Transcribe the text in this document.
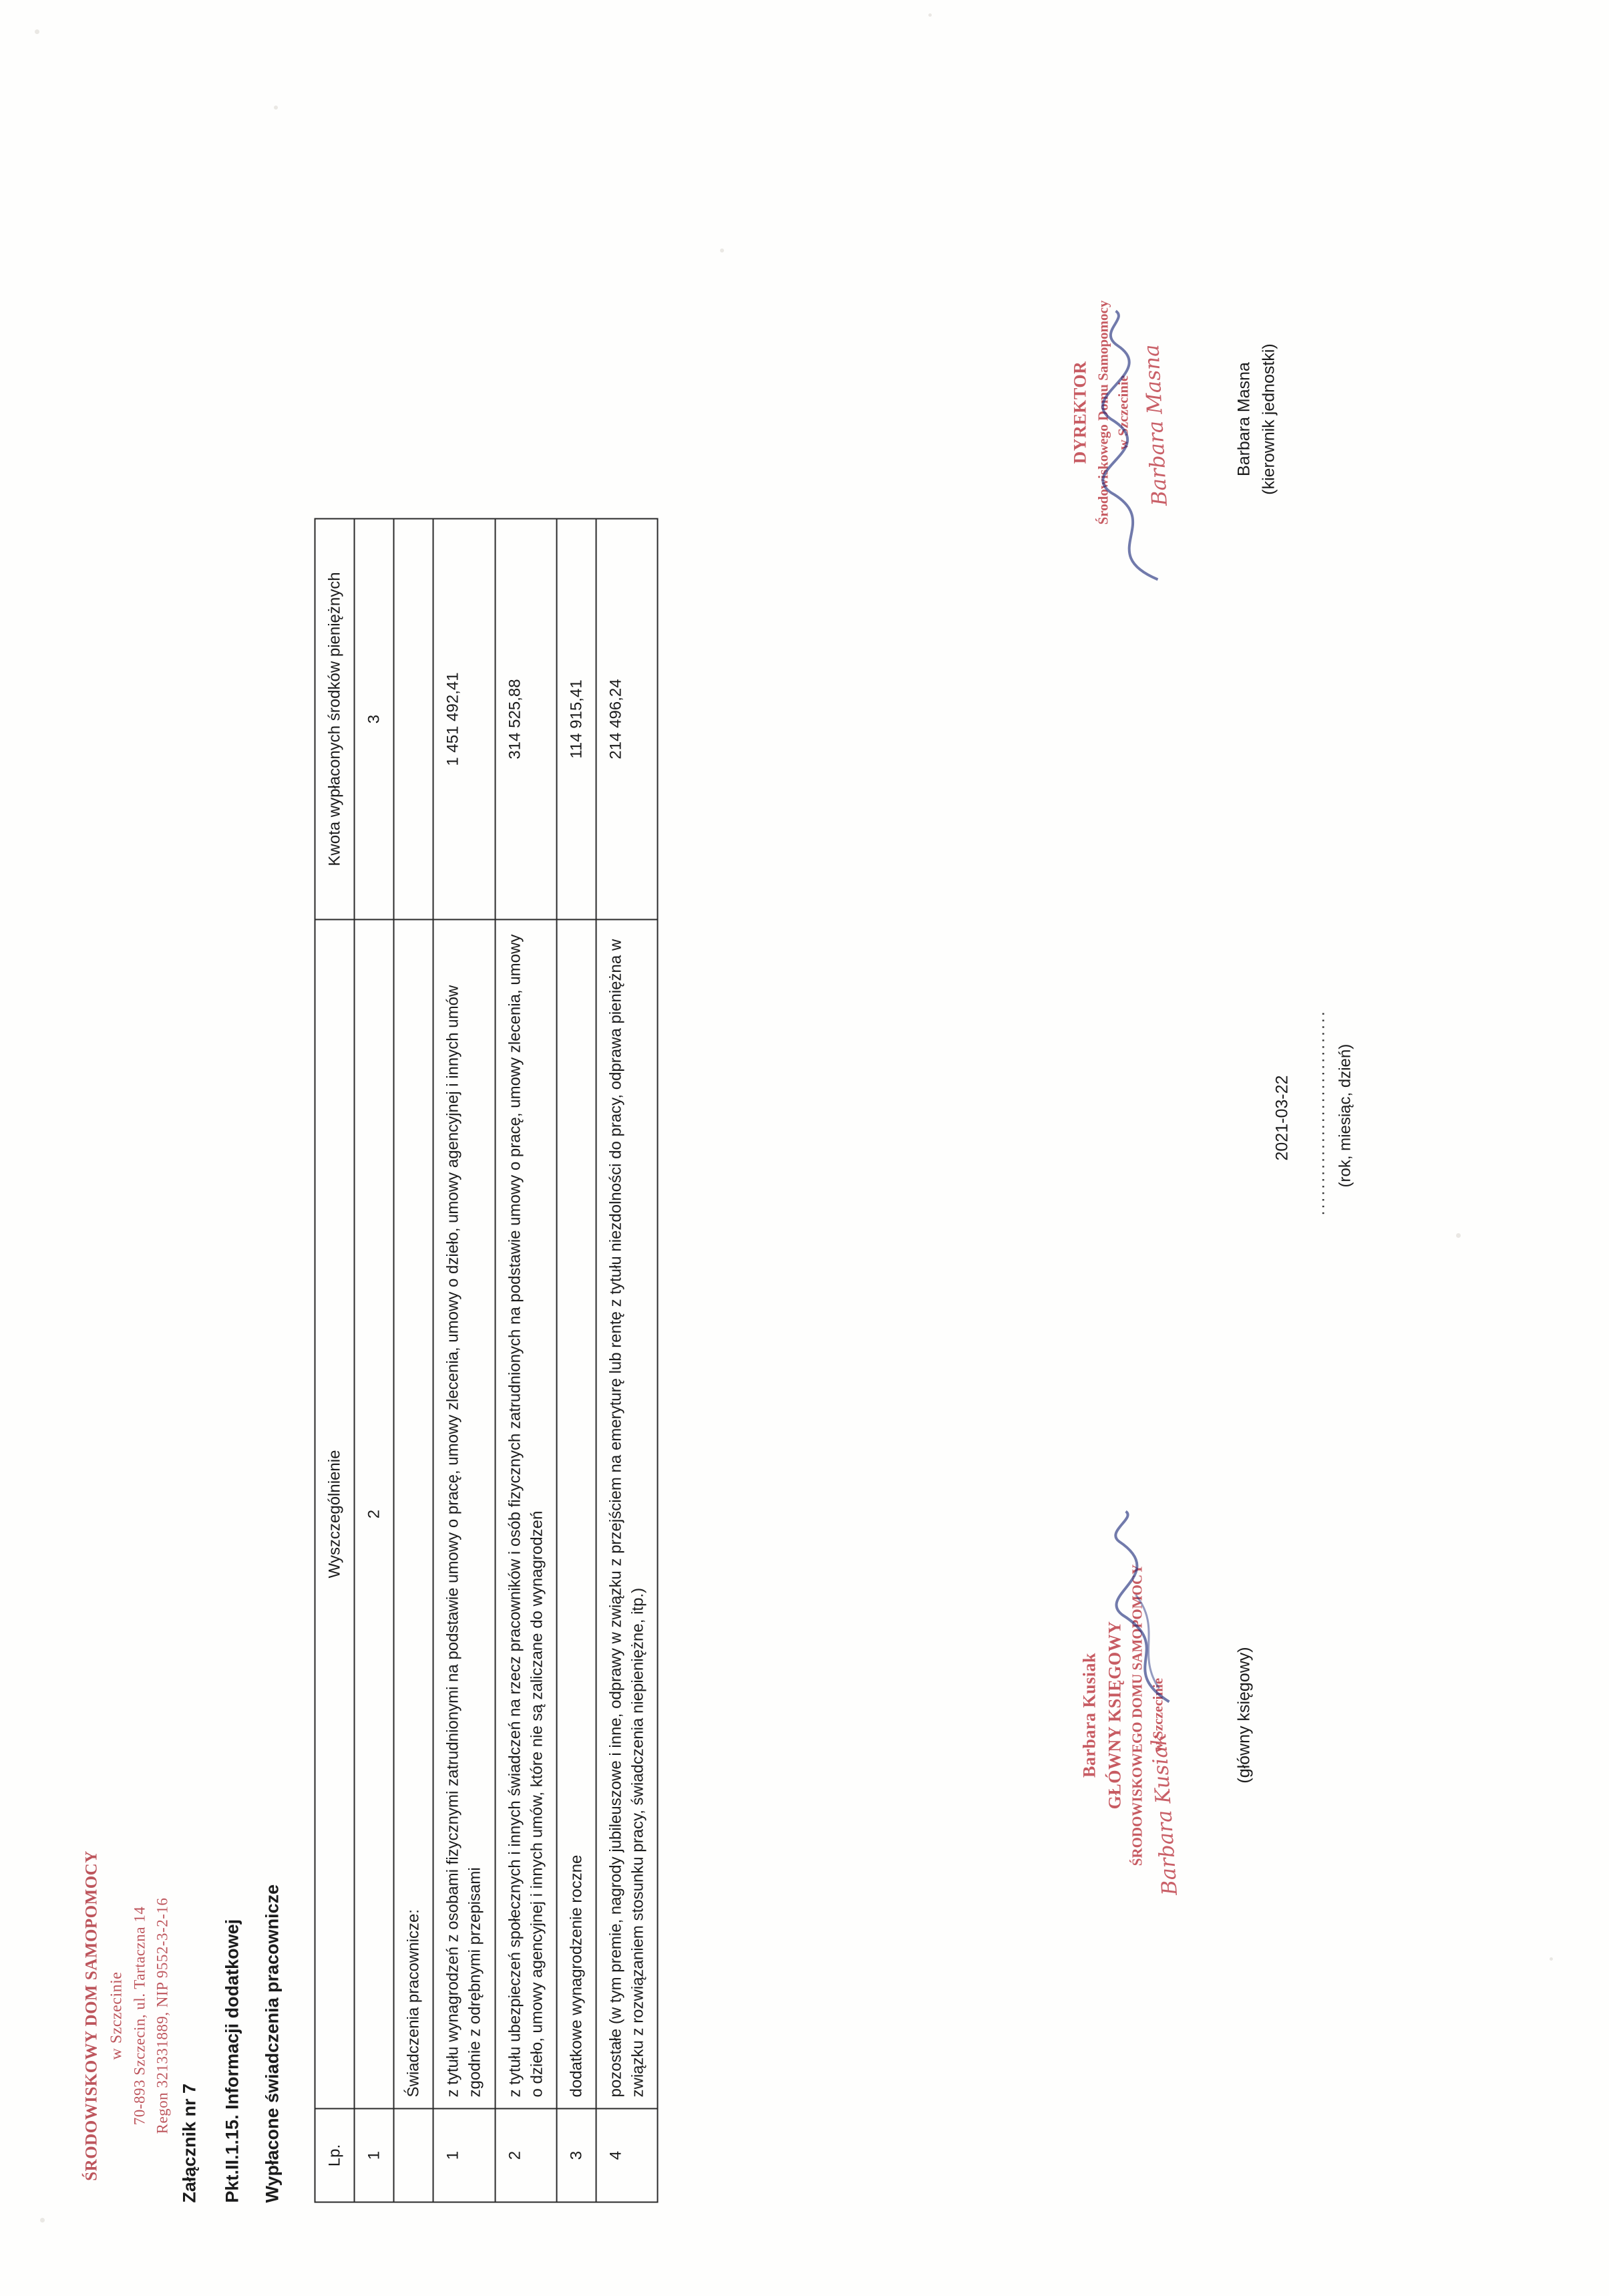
ŚRODOWISKOWY DOM SAMOPOMOCY w Szczecinie 70-893 Szczecin, ul. Tartaczna 14 Regon 321331889, NIP 9552-3-2-16
Załącznik nr 7 Pkt.II.1.15. Informacji dodatkowej Wypłacone świadczenia pracownicze	Lp.	Wyszczególnienie	Kwota wypłaconych środków pieniężnych
1	2	3
	Świadczenia pracownicze:	
1	z tytułu wynagrodzeń z osobami fizycznymi zatrudnionymi na podstawie umowy o pracę, umowy zlecenia, umowy o dzieło, umowy agencyjnej i innych umów zgodnie z odrębnymi przepisami	1 451 492,41
2	z tytułu ubezpieczeń społecznych i innych świadczeń na rzecz pracowników i osób fizycznych zatrudnionych na podstawie umowy o pracę, umowy zlecenia, umowy o dzieło, umowy agencyjnej i innych umów, które nie są zaliczane do wynagrodzeń	314 525,88
3	dodatkowe wynagrodzenie roczne	114 915,41
4	pozostałe (w tym premie, nagrody jubileuszowe i inne, odprawy w związku z przejściem na emeryturę lub rentę z tytułu niezdolności do pracy, odprawa pieniężna w związku z rozwiązaniem stosunku pracy, świadczenia niepieniężne, itp.)	214 496,24
2021-03-22 ............................... (rok, miesiąc, dzień)
Barbara Kusiak GŁÓWNY KSIĘGOWY ŚRODOWISKOWEGO DOMU SAMOPOMOCY w Szczecinie
Barbara Kusiak
(główny księgowy)
DYREKTOR Środowiskowego Domu Samopomocy w Szczecinie Barbara Masna	Barbara Masna (kierownik jednostki)
